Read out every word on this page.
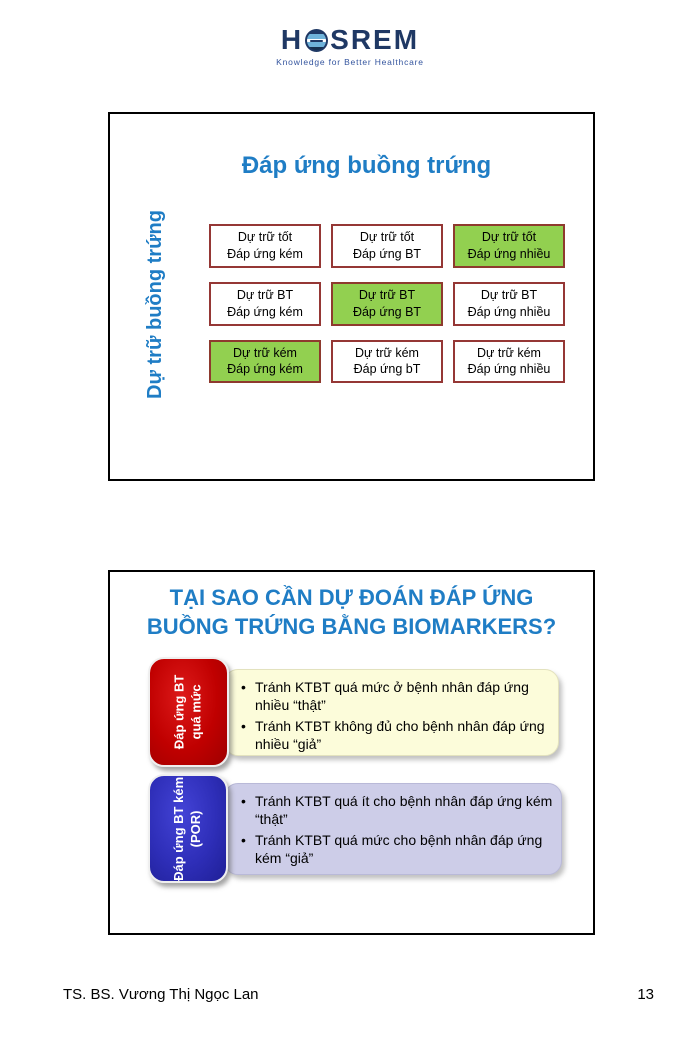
H SREM
Knowledge for Better Healthcare
Đáp ứng buồng trứng
Dự trữ buồng trứng	Dự trữ tốt
Đáp ứng kém
Dự trữ tốt
Đáp ứng BT
Dự trữ tốt
Đáp ứng nhiều
Dự trữ BT
Đáp ứng kém
Dự trữ BT
Đáp ứng BT
Dự trữ BT
Đáp ứng nhiều
Dự trữ kém
Đáp ứng kém
Dự trữ kém
Đáp ứng bT
Dự trữ kém
Đáp ứng nhiều
TẠI SAO CẦN DỰ ĐOÁN ĐÁP ỨNG
BUỒNG TRỨNG BẰNG BIOMARKERS?
• Tránh KTBT quá mức ở bệnh nhân đáp ứng nhiều “thật”
• Tránh KTBT không đủ cho bệnh nhân đáp ứng nhiều “giả”
Đáp ứng BT quá mức
• Tránh KTBT quá ít cho bệnh nhân đáp ứng kém “thật”
• Tránh KTBT quá mức cho bệnh nhân đáp ứng kém “giả”
Đáp ứng BT kém (POR)
TS. BS. Vương Thị Ngọc Lan	13
